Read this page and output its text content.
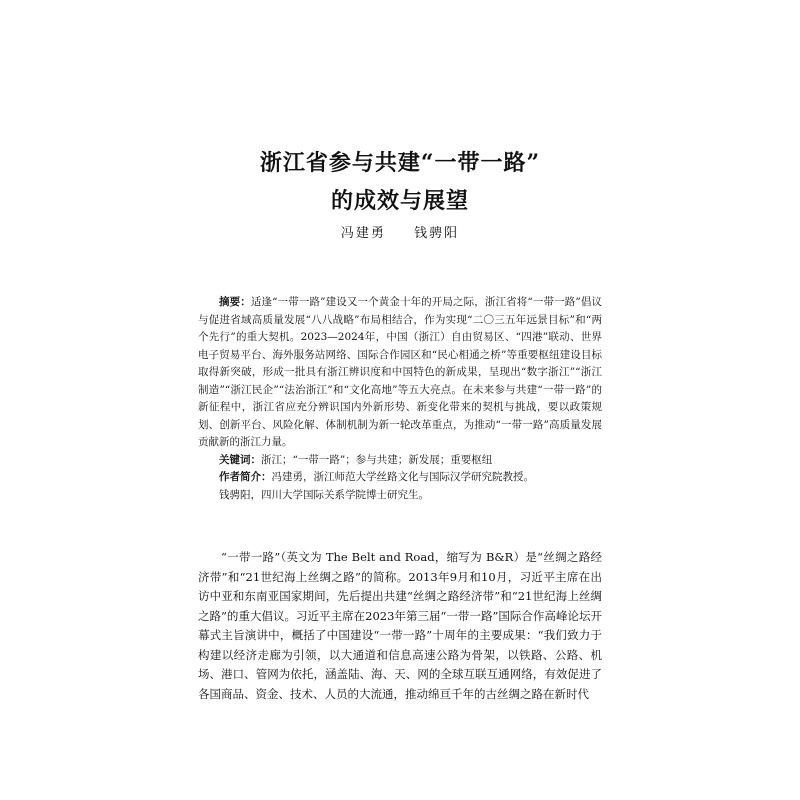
浙江省参与共建“一带一路”
的成效与展望
冯建勇 钱骋阳

摘要：适逢“一带一路”建设又一个黄金十年的开局之际，浙江省将“一带一路”倡议与促进省域高质量发展“八八战略”布局相结合，作为实现“二〇三五年远景目标”和“两个先行”的重大契机。2023—2024年，中国（浙江）自由贸易区、“四港”联动、世界电子贸易平台、海外服务站网络、国际合作园区和“民心相通之桥”等重要枢纽建设目标取得新突破，形成一批具有浙江辨识度和中国特色的新成果，呈现出“数字浙江”“浙江制造”“浙江民企”“法治浙江”和“文化高地”等五大亮点。在未来参与共建“一带一路”的新征程中，浙江省应充分辨识国内外新形势、新变化带来的契机与挑战，要以政策规划、创新平台、风险化解、体制机制为新一轮改革重点，为推动“一带一路”高质量发展贡献新的浙江力量。

关键词：浙江；“一带一路”；参与共建；新发展；重要枢纽

作者简介：冯建勇，浙江师范大学丝路文化与国际汉学研究院教授。

钱骋阳，四川大学国际关系学院博士研究生。

“一带一路”（英文为 The Belt and Road，缩写为 B&R）是“丝绸之路经济带”和“21世纪海上丝绸之路”的简称。2013年9月和10月，习近平主席在出访中亚和东南亚国家期间，先后提出共建“丝绸之路经济带”和“21世纪海上丝绸之路”的重大倡议。习近平主席在2023年第三届“一带一路”国际合作高峰论坛开幕式主旨演讲中，概括了中国建设“一带一路”十周年的主要成果：“我们致力于构建以经济走廊为引领，以大通道和信息高速公路为骨架，以铁路、公路、机场、港口、管网为依托，涵盖陆、海、天、网的全球互联互通网络，有效促进了各国商品、资金、技术、人员的大流通，推动绵亘千年的古丝绸之路在新时代
